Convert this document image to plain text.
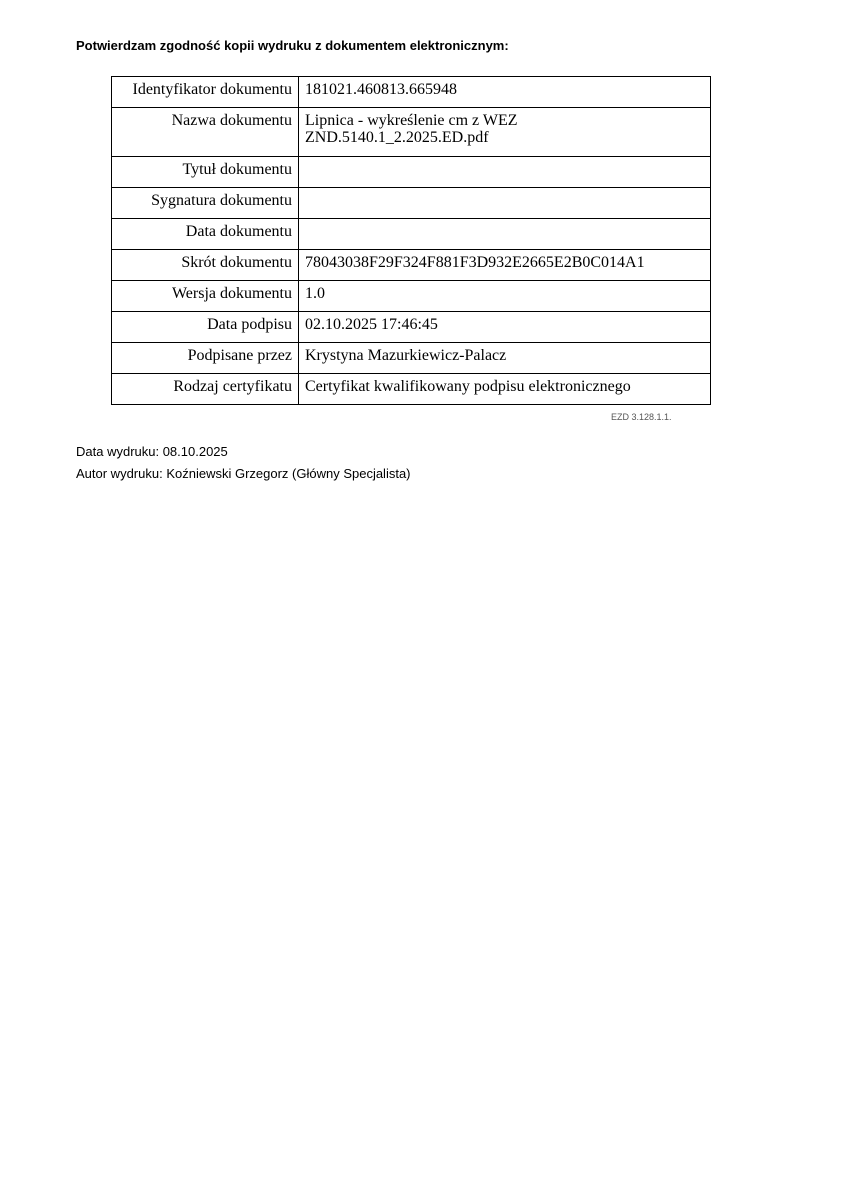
Potwierdzam zgodność kopii wydruku z dokumentem elektronicznym:
Identyfikator dokumentu	181021.460813.665948
Nazwa dokumentu	Lipnica - wykreślenie cm z WEZ
ZND.5140.1_2.2025.ED.pdf

Tytuł dokumentu	
Sygnatura dokumentu	
Data dokumentu	
Skrót dokumentu	78043038F29F324F881F3D932E2665E2B0C014A1
Wersja dokumentu	1.0
Data podpisu	02.10.2025 17:46:45
Podpisane przez	Krystyna Mazurkiewicz-Palacz
Rodzaj certyfikatu	Certyfikat kwalifikowany podpisu elektronicznego
EZD 3.128.1.1.
Data wydruku: 08.10.2025
Autor wydruku: Koźniewski Grzegorz (Główny Specjalista)
